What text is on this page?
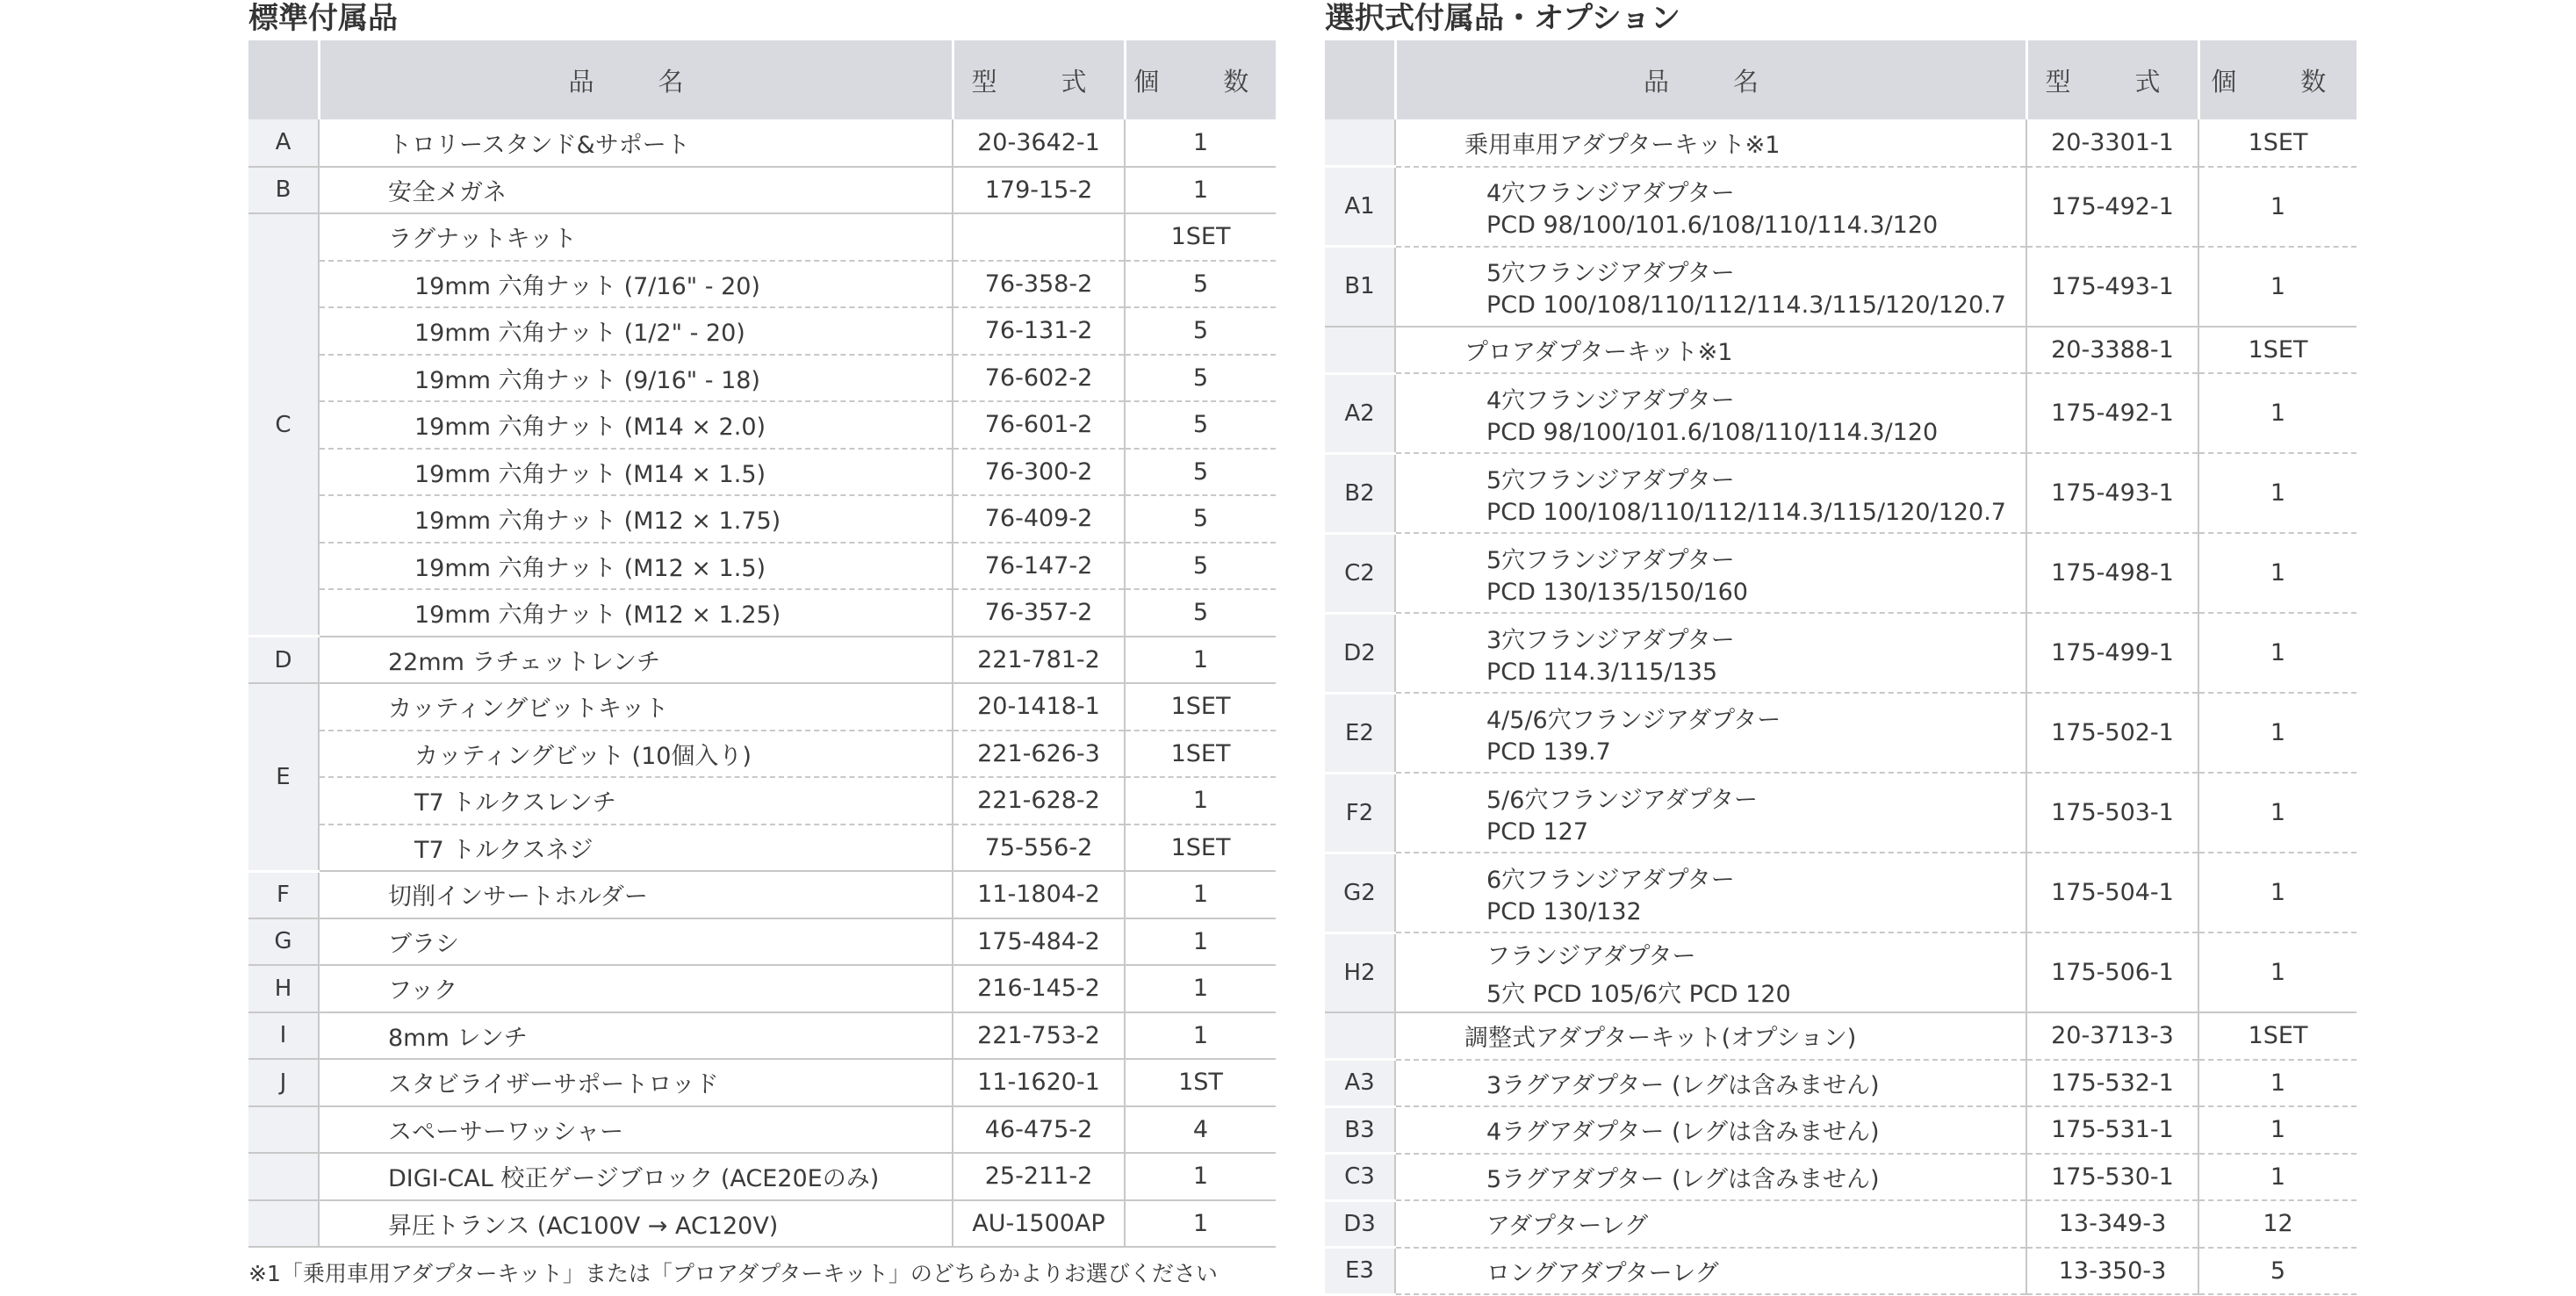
標準付属品
	品　名	型　式	個　数
A	トロリースタンド&サポート	20-3642-1	1
B	安全メガネ	179-15-2	1
C	ラグナットキット		1SET
	19mm 六角ナット (7/16" - 20)	76-358-2	5
	19mm 六角ナット (1/2" - 20)	76-131-2	5
	19mm 六角ナット (9/16" - 18)	76-602-2	5
	19mm 六角ナット (M14 × 2.0)	76-601-2	5
	19mm 六角ナット (M14 × 1.5)	76-300-2	5
	19mm 六角ナット (M12 × 1.75)	76-409-2	5
	19mm 六角ナット (M12 × 1.5)	76-147-2	5
	19mm 六角ナット (M12 × 1.25)	76-357-2	5
D	22mm ラチェットレンチ	221-781-2	1
E	カッティングビットキット	20-1418-1	1SET
	カッティングビット (10個入り)	221-626-3	1SET
	T7 トルクスレンチ	221-628-2	1
	T7 トルクスネジ	75-556-2	1SET
F	切削インサートホルダー	11-1804-2	1
G	ブラシ	175-484-2	1
H	フック	216-145-2	1
I	8mm レンチ	221-753-2	1
J	スタビライザーサポートロッド	11-1620-1	1ST
	スペーサーワッシャー	46-475-2	4
	DIGI-CAL 校正ゲージブロック (ACE20Eのみ)	25-211-2	1
	昇圧トランス (AC100V → AC120V)	AU-1500AP	1
※1「乗用車用アダプターキット」または「プロアダプターキット」のどちらかよりお選びください
選択式付属品・オプション
	品　名	型　式	個　数

	乗用車用アダプターキット※1	20-3301-1	1SET
A1	4穴フランジアダプター
PCD 98/100/101.6/108/110/114.3/120	175-492-1	1
B1	5穴フランジアダプター
PCD 100/108/110/112/114.3/115/120/120.7	175-493-1	1

	プロアダプターキット※1	20-3388-1	1SET
A2	4穴フランジアダプター
PCD 98/100/101.6/108/110/114.3/120	175-492-1	1
B2	5穴フランジアダプター
PCD 100/108/110/112/114.3/115/120/120.7	175-493-1	1
C2	5穴フランジアダプター
PCD 130/135/150/160	175-498-1	1
D2	3穴フランジアダプター
PCD 114.3/115/135	175-499-1	1
E2	4/5/6穴フランジアダプター
PCD 139.7	175-502-1	1
F2	5/6穴フランジアダプター
PCD 127	175-503-1	1
G2	6穴フランジアダプター
PCD 130/132	175-504-1	1
H2	フランジアダプター
5穴 PCD 105/6穴 PCD 120	175-506-1	1

	調整式アダプターキット(オプション)	20-3713-3	1SET
A3	3ラグアダプター (レグは含みません)	175-532-1	1
B3	4ラグアダプター (レグは含みません)	175-531-1	1
C3	5ラグアダプター (レグは含みません)	175-530-1	1
D3	アダプターレグ	13-349-3	12
E3	ロングアダプターレグ	13-350-3	5
